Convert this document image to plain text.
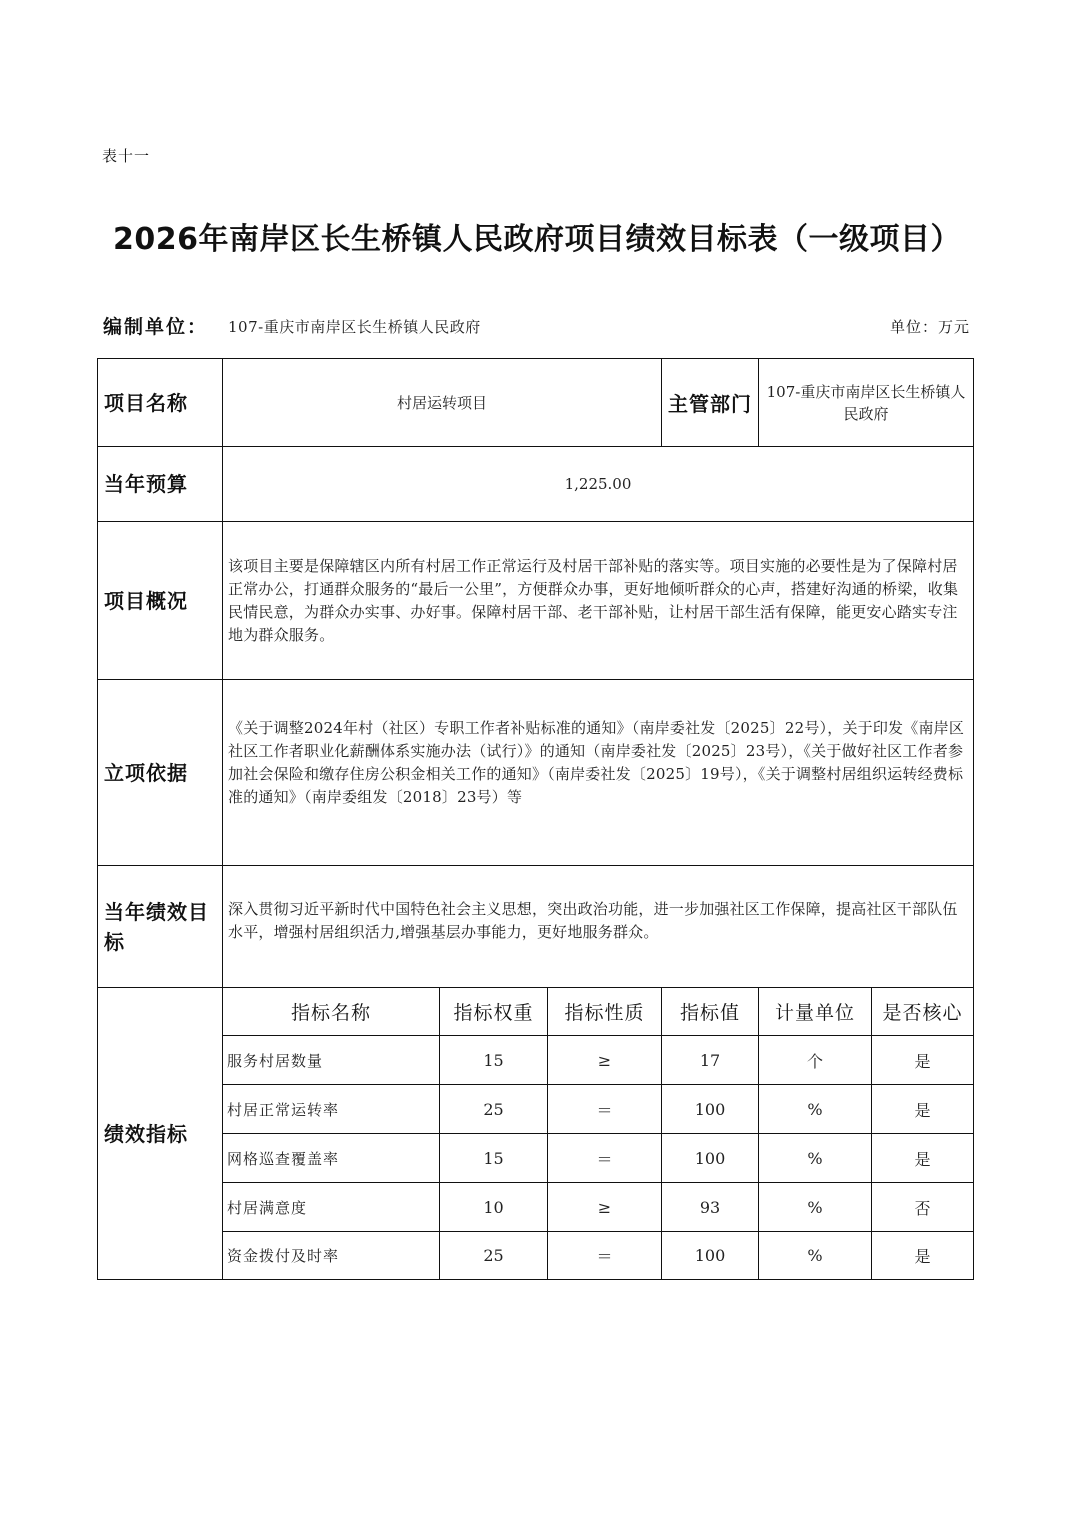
表十一
2026年南岸区长生桥镇人民政府项目绩效目标表（一级项目）
编制单位： 107-重庆市南岸区长生桥镇人民政府	单位：万元
项目名称	村居运转项目			主管部门	107-重庆市南岸区长生桥镇人民政府	
当年预算	1,225.00					
项目概况	该项目主要是保障辖区内所有村居工作正常运行及村居干部补贴的落实等。项目实施的必要性是为了保障村居正常办公，打通群众服务的“最后一公里”，方便群众办事，更好地倾听群众的心声，搭建好沟通的桥梁，收集民情民意，为群众办实事、办好事。保障村居干部、老干部补贴，让村居干部生活有保障，能更安心踏实专注地为群众服务。					
立项依据	《关于调整2024年村（社区）专职工作者补贴标准的通知》（南岸委社发〔2025〕22号），关于印发《南岸区社区工作者职业化薪酬体系实施办法（试行）》的通知（南岸委社发〔2025〕23号），《关于做好社区工作者参加社会保险和缴存住房公积金相关工作的通知》（南岸委社发〔2025〕19号），《关于调整村居组织运转经费标准的通知》（南岸委组发〔2018〕23号）等					
当年绩效目标	深入贯彻习近平新时代中国特色社会主义思想，突出政治功能，进一步加强社区工作保障，提高社区干部队伍水平，增强村居组织活力,增强基层办事能力，更好地服务群众。					
绩效指标	指标名称	指标权重	指标性质	指标值	计量单位	是否核心
	服务村居数量	15	≥	17	个	是
	村居正常运转率	25	＝	100	%	是
	网格巡查覆盖率	15	＝	100	%	是
	村居满意度	10	≥	93	%	否
	资金拨付及时率	25	＝	100	%	是
